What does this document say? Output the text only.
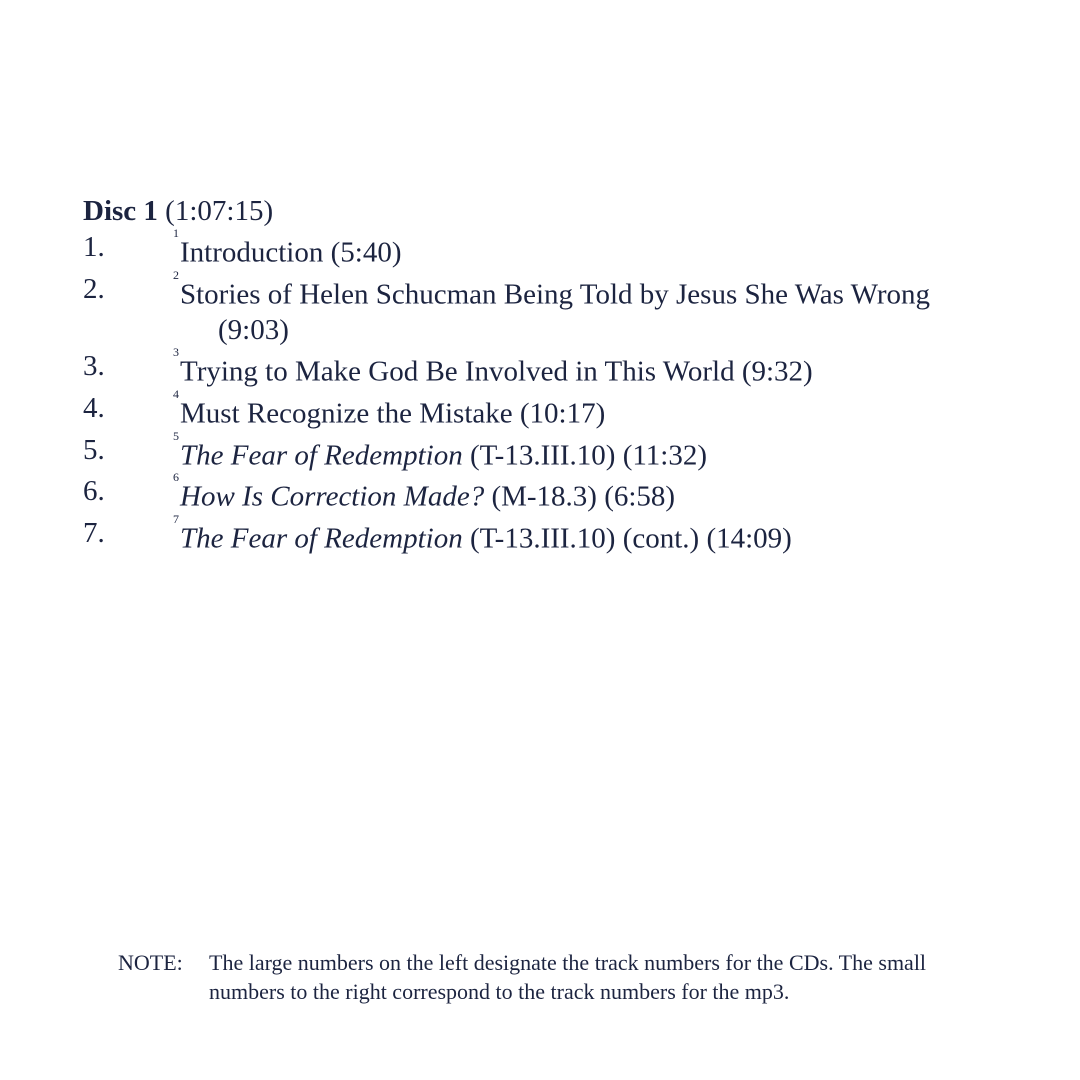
Disc 1 (1:07:15)
1.	$^1$Introduction (5:40)
2.	$^2$Stories of Helen Schucman Being Told by Jesus She Was Wrong (9:03)
3.	$^3$Trying to Make God Be Involved in This World (9:32)
4.	$^4$Must Recognize the Mistake (10:17)
5.	$^5$The Fear of Redemption (T-13.III.10) (11:32)
6.	$^6$How Is Correction Made? (M-18.3) (6:58)
7.	$^7$The Fear of Redemption (T-13.III.10) (cont.) (14:09)
NOTE:	The large numbers on the left designate the track numbers for the CDs. The small numbers to the right correspond to the track numbers for the mp3.
